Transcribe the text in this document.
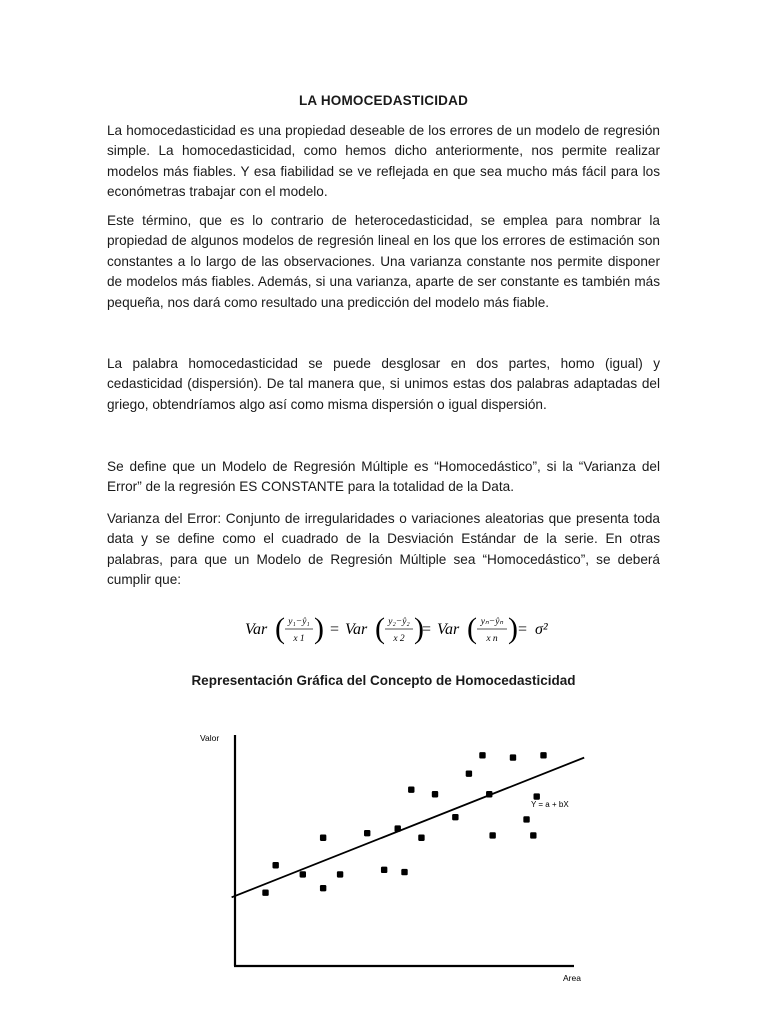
LA HOMOCEDASTICIDAD

La homocedasticidad es una propiedad deseable de los errores de un modelo de regresión simple. La homocedasticidad, como hemos dicho anteriormente, nos permite realizar modelos más fiables. Y esa fiabilidad se ve reflejada en que sea mucho más fácil para los económetras trabajar con el modelo.

Este término, que es lo contrario de heterocedasticidad, se emplea para nombrar la propiedad de algunos modelos de regresión lineal en los que los errores de estimación son constantes a lo largo de las observaciones. Una varianza constante nos permite disponer de modelos más fiables. Además, si una varianza, aparte de ser constante es también más pequeña, nos dará como resultado una predicción del modelo más fiable.

La palabra homocedasticidad se puede desglosar en dos partes, homo (igual) y cedasticidad (dispersión). De tal manera que, si unimos estas dos palabras adaptadas del griego, obtendríamos algo así como misma dispersión o igual dispersión.

Se define que un Modelo de Regresión Múltiple es “Homocedástico”, si la “Varianza del Error” de la regresión ES CONSTANTE para la totalidad de la Data.

Varianza del Error: Conjunto de irregularidades o variaciones aleatorias que presenta toda data y se define como el cuadrado de la Desviación Estándar de la serie. En otras palabras, para que un Modelo de Regresión Múltiple sea “Homocedástico”, se deberá cumplir que:

Var ( y₁−ŷ₁
x 1 ) = Var ( y₂−ŷ₂
x 2 )
= Var ( yₙ−ŷₙ
x n ) = σ²
Representación Gráfica del Concepto de Homocedasticidad
Valor
Area
Y = a + bX
